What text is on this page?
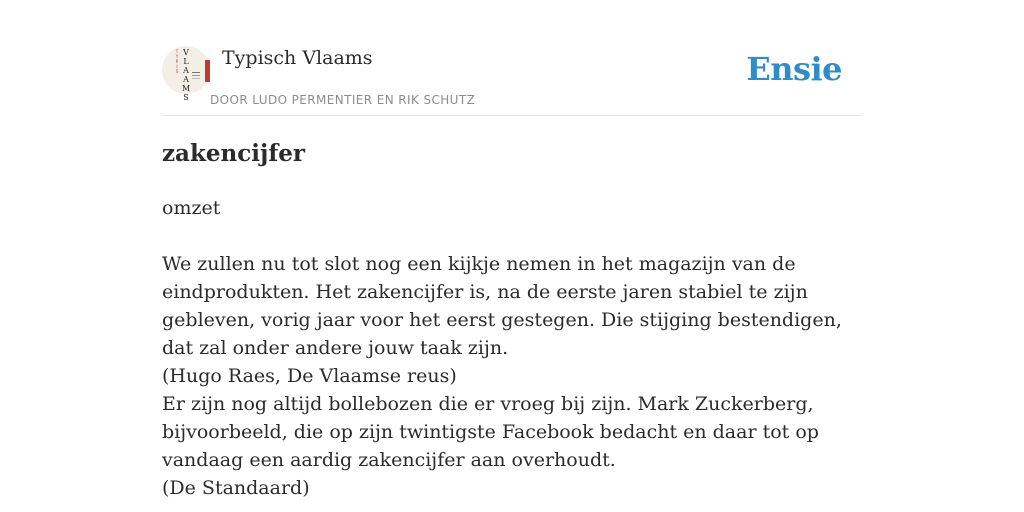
T
Y
P
I
S
V
L
A
A
M
S
Typisch Vlaams
DOOR LUDO PERMENTIER EN RIK SCHUTZ
Ensie
zakencijfer

omzet

We zullen nu tot slot nog een kijkje nemen in het magazijn van de eindprodukten. Het zakencijfer is, na de eerste jaren stabiel te zijn gebleven, vorig jaar voor het eerst gestegen. Die stijging bestendigen, dat zal onder andere jouw taak zijn.

(Hugo Raes, De Vlaamse reus)

Er zijn nog altijd bollebozen die er vroeg bij zijn. Mark Zuckerberg, bijvoorbeeld, die op zijn twintigste Facebook bedacht en daar tot op vandaag een aardig zakencijfer aan overhoudt.

(De Standaard)
